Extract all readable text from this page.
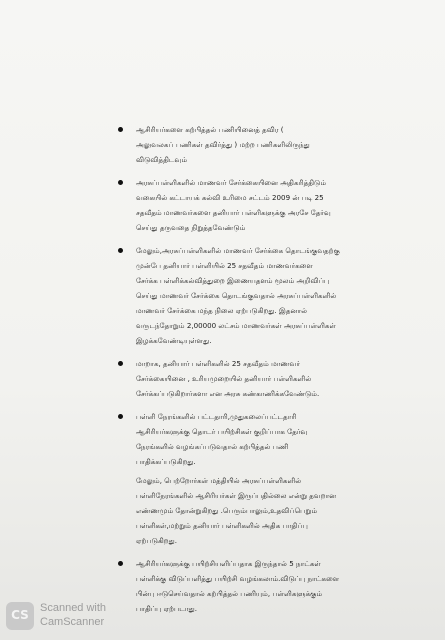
ஆசிரியர்களை கற்பித்தல் பணியினைத் தவிர (
அலுவலகப் பணிகள் தவிர்த்து ) மற்ற பணிகளிலிருந்து
விடுவித்திடவும்
அரசுப்பள்ளிகளில் மாணவர் சேர்க்கையினை அதிகரித்திடும்
வகையில் கட்டாயக் கல்வி உரிமை சட்டம் 2009 ன் படி 25
சதவீதம் மாணவர்களை தனியார் பள்ளிகளுக்கு அரசே தேர்வு
செய்து தருவதை நிறுத்தவேண்டும்
மேலும்,அரசுப்பள்ளிகளில் மாணவர் சேர்க்கை தொடங்குவதற்கு
முன்பே தனியார் பள்ளியில் 25 சதவீதம் மாணவர்களை
சேர்க்க பள்ளிக்கல்வித்துறை இணையதளம் மூலம் அறிவிப்பு
செய்து மாணவர் சேர்க்கை தொடங்குவதால் அரசுப்பள்ளிகளில்
மாணவர் சேர்க்கை மந்த நிலை ஏற்படுகிறது. இதனால்
வருடந்தோறும் 2,00000 லட்சம் மாணவர்கள் அரசுப்பள்ளிகள்
இழக்கவேண்டியுள்ளது.
மாறாக, தனியார் பள்ளிகளில் 25 சதவீதம் மாணவர்
சேர்க்கையினை , உரியமுறையில் தனியார் பள்ளிகளில்
சேர்க்கப்படுகிறார்களா என அரசு கண்காணிக்கவேண்டும்.
பள்ளி நேரங்களில் பட்டதாரி,முதுகலைப்பட்டதாரி
ஆசிரியர்களுக்கு தொடர் பயிற்சிகள் குறிப்பாக தேர்வு
நேரங்களில் வழங்கப்படுவதால் கற்பித்தல் பணி
பாதிக்கப்படுகிறது.
மேலும், பெற்றோர்கள் மத்தியில் அரசுப்பள்ளிகளில்
பள்ளிநேரங்களில் ஆசிரியர்கள் இருப்பதில்லை என்று தவறான
எண்ணமும் தோன்றுகிறது .பெரும்பாலும்,உதவிப்பெறும்
பள்ளிகள்,மற்றும் தனியார் பள்ளிகளில் அதிக பாதிப்பு
ஏற்படுகிறது.
ஆசிரியர்களுக்கு பயிற்சியளிப்பதாக இருந்தால் 5 நாட்கள்
பள்ளிக்கு விடுப்பளித்து பயிற்சி வழங்கலாம்.விடுப்பு நாட்களை
பின்பு ஈடுசெய்வதால் கற்பித்தல் பணியும், பள்ளிகளுக்கும்
பாதிப்பு ஏற்படாது.
CS	Scanned with
CamScanner
